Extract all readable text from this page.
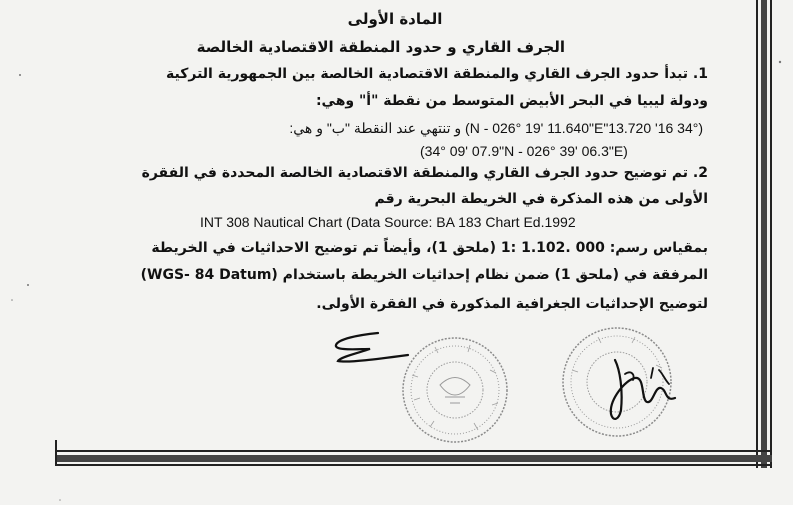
المادة الأولى
الجرف القاري و حدود المنطقة الاقتصادية الخالصة
1. تبدأ حدود الجرف القاري والمنطقة الاقتصادية الخالصة بين الجمهورية التركية
ودولة ليبيا في البحر الأبيض المتوسط من نقطة "أ" وهي:
(34° 16' 13.720"N - 026° 19' 11.640"E) و تنتهي عند النقطة "ب" و هي:
(34° 09' 07.9"N - 026° 39' 06.3"E)
2. تم توضيح حدود الجرف القاري والمنطقة الاقتصادية الخالصة المحددة في الفقرة
الأولى من هذه المذكرة في الخريطة البحرية رقم
INT 308 Nautical Chart (Data Source: BA 183 Chart Ed.1992
بمقياس رسم: 000 .1.102 :1 (ملحق 1)، وأيضاً تم توضيح الاحداثيات في الخريطة
المرفقة في (ملحق 1) ضمن نظام إحداثيات الخريطة باستخدام (WGS- 84 Datum)
لتوضيح الإحداثيات الجغرافية المذكورة في الفقرة الأولى.
